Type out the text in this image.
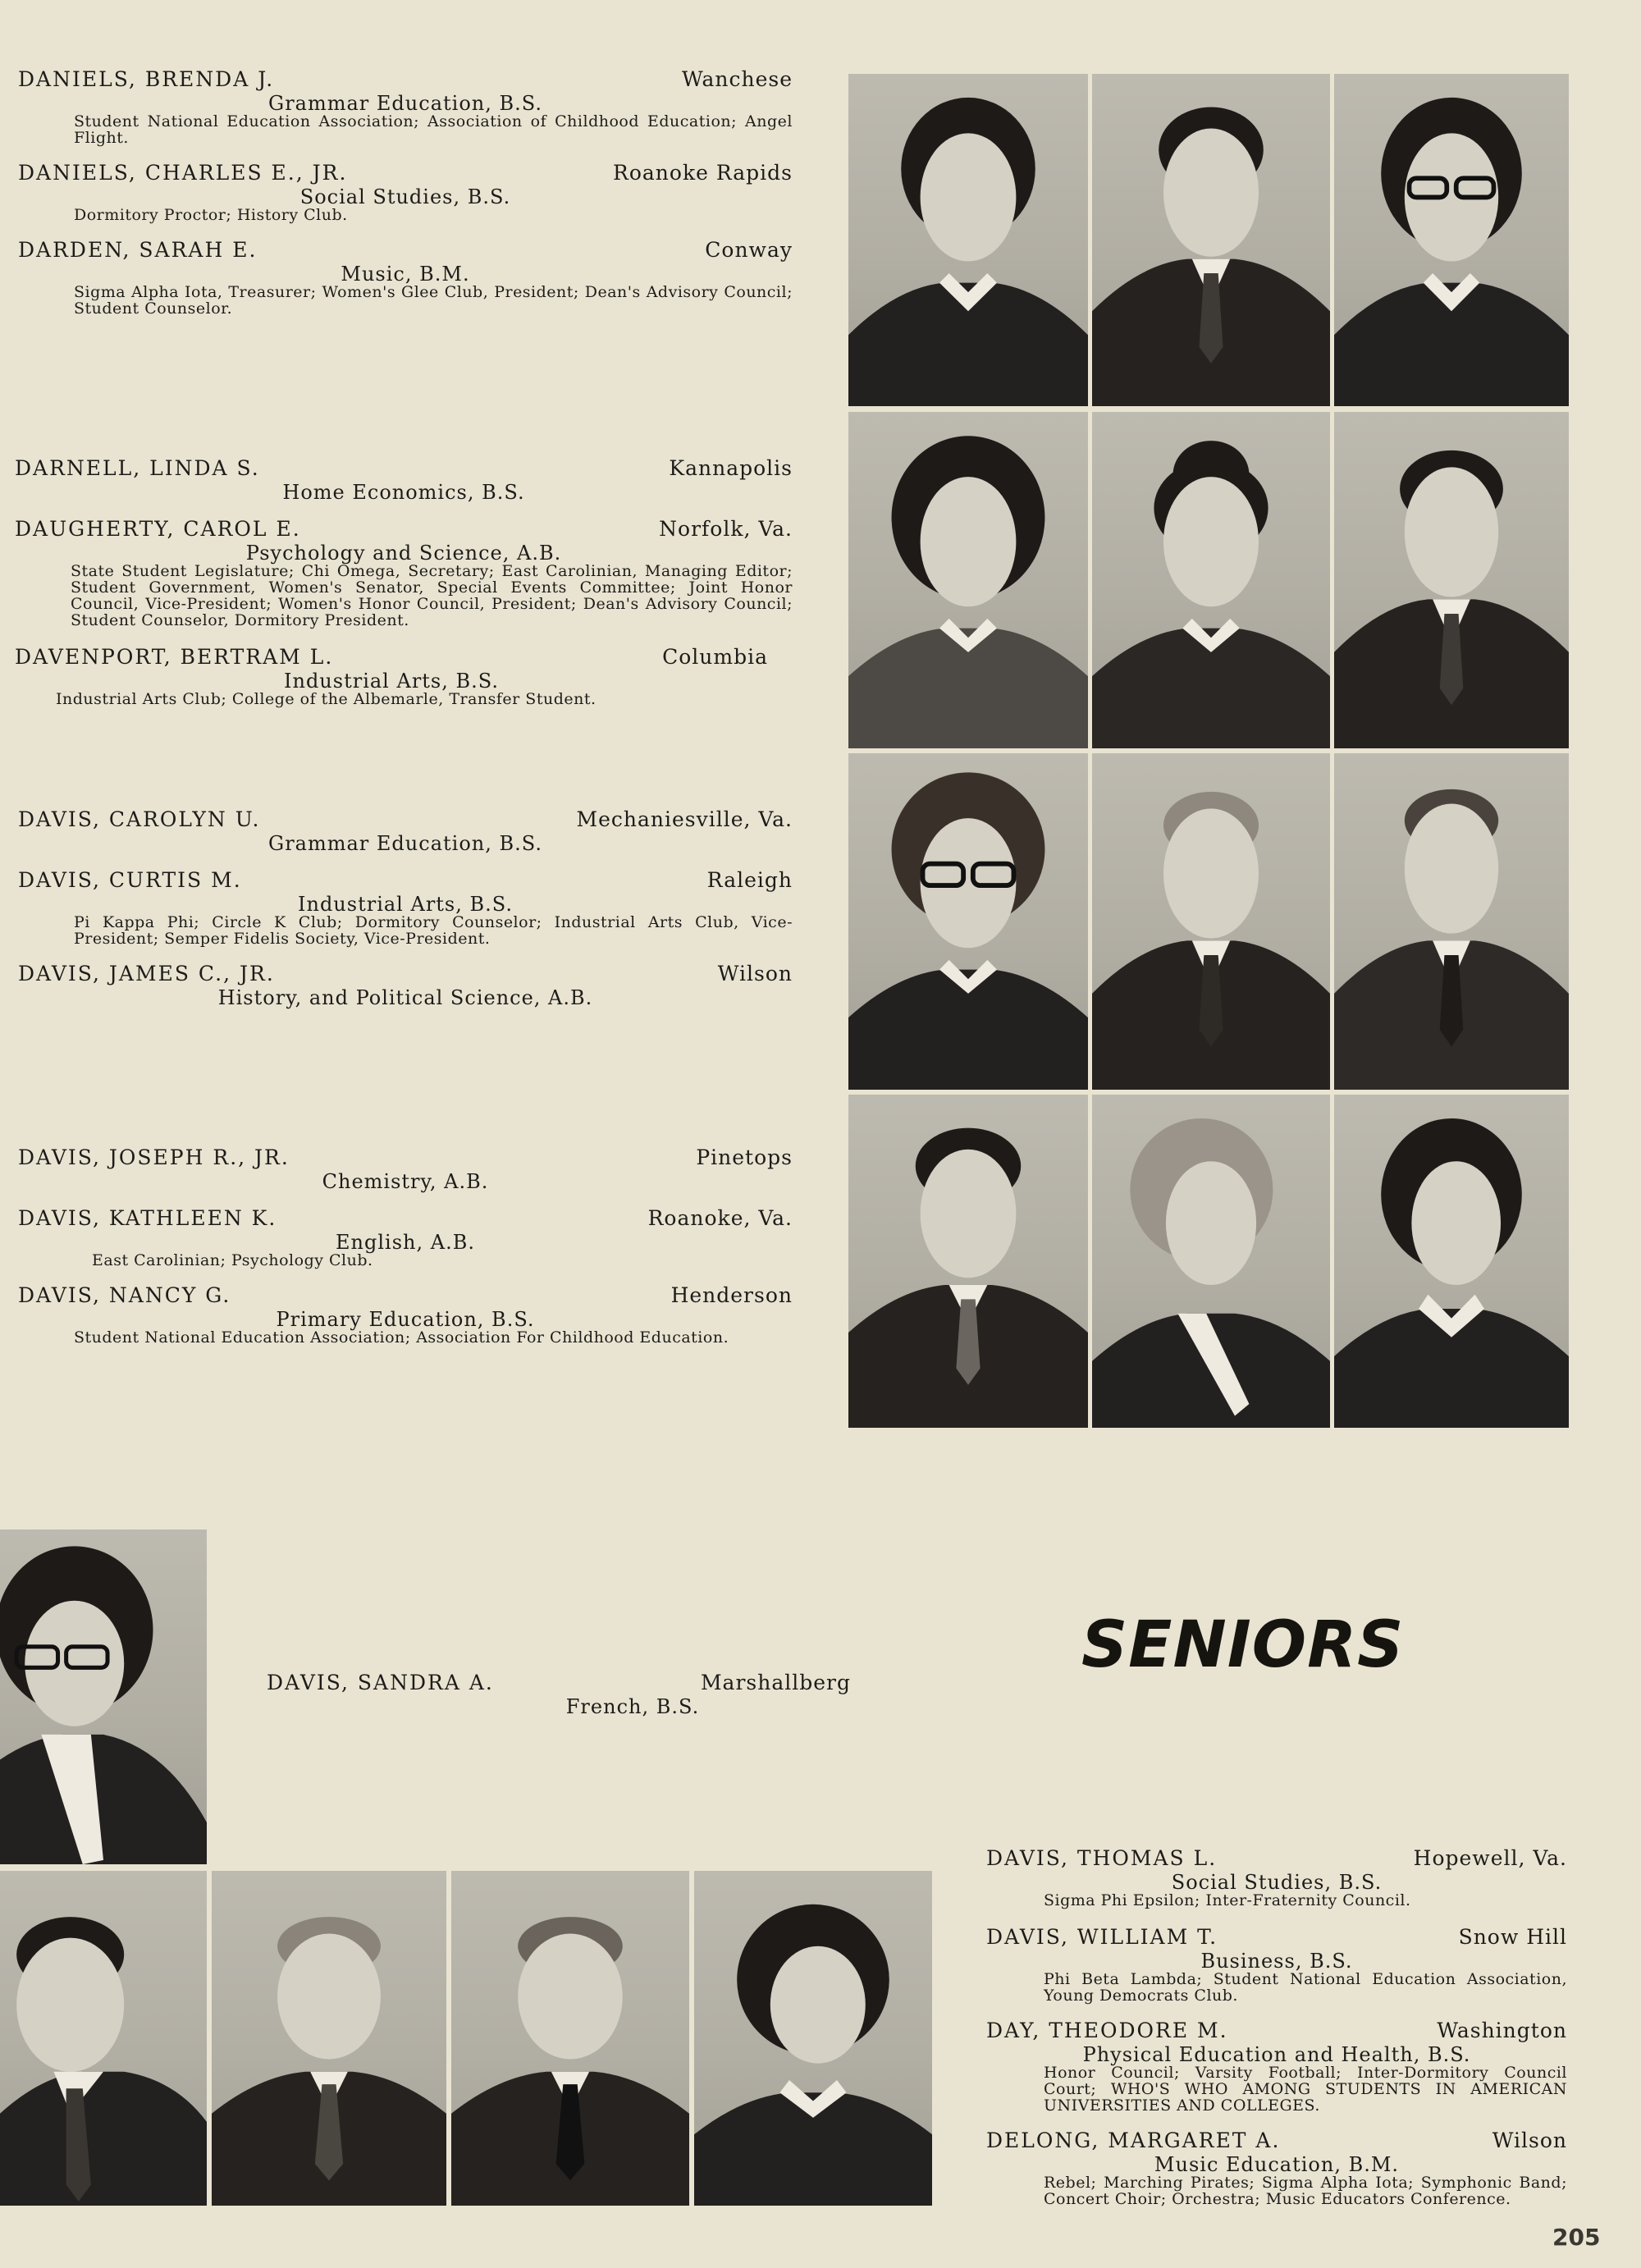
DANIELS, BRENDA J.	Wanchese
Grammar Education, B.S.
Student National Education Association; Association of Childhood Education; Angel Flight.
DANIELS, CHARLES E., JR.	Roanoke Rapids
Social Studies, B.S.
Dormitory Proctor; History Club.
DARDEN, SARAH E.	Conway
Music, B.M.
Sigma Alpha Iota, Treasurer; Women's Glee Club, President; Dean's Advisory Council; Student Counselor.
DARNELL, LINDA S.	Kannapolis
Home Economics, B.S.
DAUGHERTY, CAROL E.	Norfolk, Va.
Psychology and Science, A.B.
State Student Legislature; Chi Omega, Secretary; East Carolinian, Managing Editor; Student Government, Women's Senator, Special Events Committee; Joint Honor Council, Vice-President; Women's Honor Council, President; Dean's Advisory Council; Student Counselor, Dormitory President.
DAVENPORT, BERTRAM L.	Columbia
Industrial Arts, B.S.
Industrial Arts Club; College of the Albemarle, Transfer Student.
DAVIS, CAROLYN U.	Mechaniesville, Va.
Grammar Education, B.S.
DAVIS, CURTIS M.	Raleigh
Industrial Arts, B.S.
Pi Kappa Phi; Circle K Club; Dormitory Counselor; Industrial Arts Club, Vice-President; Semper Fidelis Society, Vice-President.
DAVIS, JAMES C., JR.	Wilson
History, and Political Science, A.B.
DAVIS, JOSEPH R., JR.	Pinetops
Chemistry, A.B.
DAVIS, KATHLEEN K.	Roanoke, Va.
English, A.B.
East Carolinian; Psychology Club.
DAVIS, NANCY G.	Henderson
Primary Education, B.S.
Student National Education Association; Association For Childhood Education.
DAVIS, SANDRA A.	Marshallberg
French, B.S.
SENIORS
DAVIS, THOMAS L.	Hopewell, Va.
Social Studies, B.S.
Sigma Phi Epsilon; Inter-Fraternity Council.
DAVIS, WILLIAM T.	Snow Hill
Business, B.S.
Phi Beta Lambda; Student National Education Association, Young Democrats Club.
DAY, THEODORE M.	Washington
Physical Education and Health, B.S.
Honor Council; Varsity Football; Inter-Dormitory Council Court; WHO'S WHO AMONG STUDENTS IN AMERICAN UNIVERSITIES AND COLLEGES.
DELONG, MARGARET A.	Wilson
Music Education, B.M.
Rebel; Marching Pirates; Sigma Alpha Iota; Symphonic Band; Concert Choir; Orchestra; Music Educators Conference.
205
